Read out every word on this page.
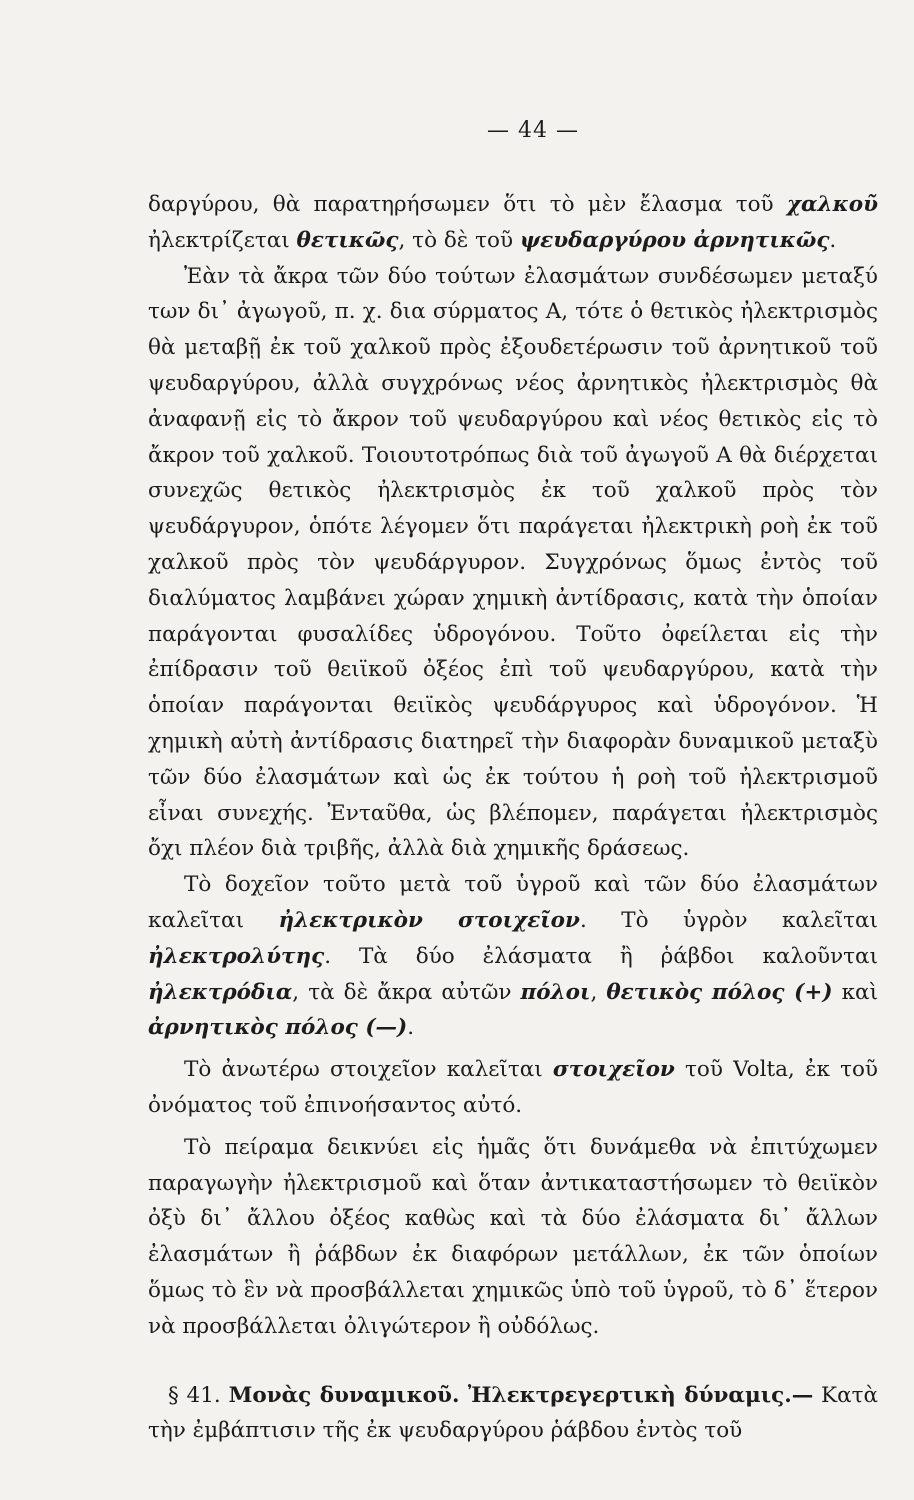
— 44 —

δαργύρου, θὰ παρατηρήσωμεν ὅτι τὸ μὲν ἔλασμα τοῦ χαλκοῦ ἠλεκτρίζεται θετικῶς, τὸ δὲ τοῦ ψευδαργύρου ἀρνητικῶς.

Ἐὰν τὰ ἄκρα τῶν δύο τούτων ἐλασμάτων συνδέσωμεν μεταξύ των δι᾽ ἀγωγοῦ, π. χ. δια σύρματος Α, τότε ὁ θετικὸς ἠλεκτρισμὸς θὰ μεταβῇ ἐκ τοῦ χαλκοῦ πρὸς ἐξουδετέρωσιν τοῦ ἀρνητικοῦ τοῦ ψευδαργύρου, ἀλλὰ συγχρόνως νέος ἀρνητικὸς ἠλεκτρισμὸς θὰ ἀναφανῇ εἰς τὸ ἄκρον τοῦ ψευδαργύρου καὶ νέος θετικὸς εἰς τὸ ἄκρον τοῦ χαλκοῦ. Τοιουτοτρόπως διὰ τοῦ ἀγωγοῦ Α θὰ διέρχεται συνεχῶς θετικὸς ἠλεκτρισμὸς ἐκ τοῦ χαλκοῦ πρὸς τὸν ψευδάργυρον, ὁπότε λέγομεν ὅτι παράγεται ἠλεκτρικὴ ροὴ ἐκ τοῦ χαλκοῦ πρὸς τὸν ψευδάργυρον. Συγχρόνως ὅμως ἐντὸς τοῦ διαλύματος λαμβάνει χώραν χημικὴ ἀντίδρασις, κατὰ τὴν ὁποίαν παράγονται φυσαλίδες ὑδρογόνου. Τοῦτο ὀφείλεται εἰς τὴν ἐπίδρασιν τοῦ θειϊκοῦ ὀξέος ἐπὶ τοῦ ψευδαργύρου, κατὰ τὴν ὁποίαν παράγονται θειϊκὸς ψευδάργυρος καὶ ὑδρογόνον. Ἡ χημικὴ αὐτὴ ἀντίδρασις διατηρεῖ τὴν διαφορὰν δυναμικοῦ μεταξὺ τῶν δύο ἐλασμάτων καὶ ὡς ἐκ τούτου ἡ ροὴ τοῦ ἠλεκτρισμοῦ εἶναι συνεχής. Ἐνταῦθα, ὡς βλέπομεν, παράγεται ἠλεκτρισμὸς ὄχι πλέον διὰ τριβῆς, ἀλλὰ διὰ χημικῆς δράσεως.

Τὸ δοχεῖον τοῦτο μετὰ τοῦ ὑγροῦ καὶ τῶν δύο ἐλασμάτων καλεῖται ἠλεκτρικὸν στοιχεῖον. Τὸ ὑγρὸν καλεῖται ἠλεκτρολύτης. Τὰ δύο ἐλάσματα ἢ ῥάβδοι καλοῦνται ἠλεκτρόδια, τὰ δὲ ἄκρα αὐτῶν πόλοι, θετικὸς πόλος (+) καὶ ἀρνητικὸς πόλος (—).

Τὸ ἀνωτέρω στοιχεῖον καλεῖται στοιχεῖον τοῦ Volta, ἐκ τοῦ ὀνόματος τοῦ ἐπινοήσαντος αὐτό.

Τὸ πείραμα δεικνύει εἰς ἡμᾶς ὅτι δυνάμεθα νὰ ἐπιτύχωμεν παραγωγὴν ἠλεκτρισμοῦ καὶ ὅταν ἀντικαταστήσωμεν τὸ θειϊκὸν ὀξὺ δι᾽ ἄλλου ὀξέος καθὼς καὶ τὰ δύο ἐλάσματα δι᾽ ἄλλων ἐλασμάτων ἢ ῥάβδων ἐκ διαφόρων μετάλλων, ἐκ τῶν ὁποίων ὅμως τὸ ἓν νὰ προσβάλλεται χημικῶς ὑπὸ τοῦ ὑγροῦ, τὸ δ᾽ ἕτερον νὰ προσβάλλεται ὀλιγώτερον ἢ οὐδόλως.

§ 41. Μονὰς δυναμικοῦ. Ἠλεκτρεγερτικὴ δύναμις.— Κατὰ τὴν ἐμβάπτισιν τῆς ἐκ ψευδαργύρου ῥάβδου ἐντὸς τοῦ
